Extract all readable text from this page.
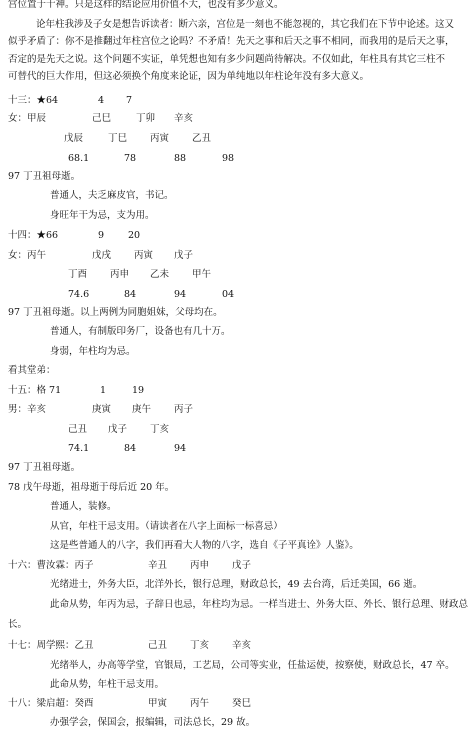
宫位置于十神。只是这样的结论应用价值不大，也没有多少意义。
论年柱我涉及子女是想告诉读者：断六亲，宫位是一刻也不能忽视的，其它我们在下节中论述。这又
似乎矛盾了：你不是推翻过年柱宫位之论吗？不矛盾！先天之事和后天之事不相同，而我用的是后天之事，
否定的是先天之说。这个问题不实证，单凭想也知有多少问题尚待解决。不仅如此，年柱具有其它三柱不
可替代的巨大作用，但这必须换个角度来论证，因为单纯地以年柱论年没有多大意义。
十三：★64	4 7
女：甲辰	己巳	丁卯 辛亥
戊辰	丁巳 丙寅 乙丑
68.1	78	88	98
97 丁丑祖母逝。
普通人，夫乏麻皮官，书记。
身旺年干为忌，支为用。
十四：★66	9	20
女：丙午	戊戌 丙寅 戊子
丁酉 丙申 乙未 甲午
74.6	84	94	04
97 丁丑祖母逝。以上两例为同胞姐妹，父母均在。
普通人，有制版印务厂，设备也有几十万。
身弱，年柱均为忌。
看其堂弟：
十五：格 71	1	19
男：辛亥	庚寅 庚午 丙子
己丑 戊子 丁亥
74.1	84	94
97 丁丑祖母逝。
78 戊午母逝，祖母逝于母后近 20 年。
普通人，装修。
从官，年柱干忌支用。（请读者在八字上面标一标喜忌）
这是些普通人的八字，我们再看大人物的八字，选自《子平真诠》人鉴》。
十六：曹汝霖：丙子	辛丑 丙申 戊子
光绪进士，外务大臣，北洋外长，银行总理，财政总长，49 去台湾，后迁美国，66 逝。
此命从势，年丙为忌，子辞日也忌，年柱均为忌。一样当进士、外务大臣、外长、银行总理、财政总
长。
十七：周学熙：乙丑	己丑 丁亥 辛亥
光绪举人，办高等学堂，官银局，工艺局，公司等实业，任盐运使，按察使，财政总长，47 卒。
此命从势，年柱干忌支用。
十八：梁启超：癸酉	甲寅 丙午 癸巳
办强学会，保国会，报编辑，司法总长，29 故。
